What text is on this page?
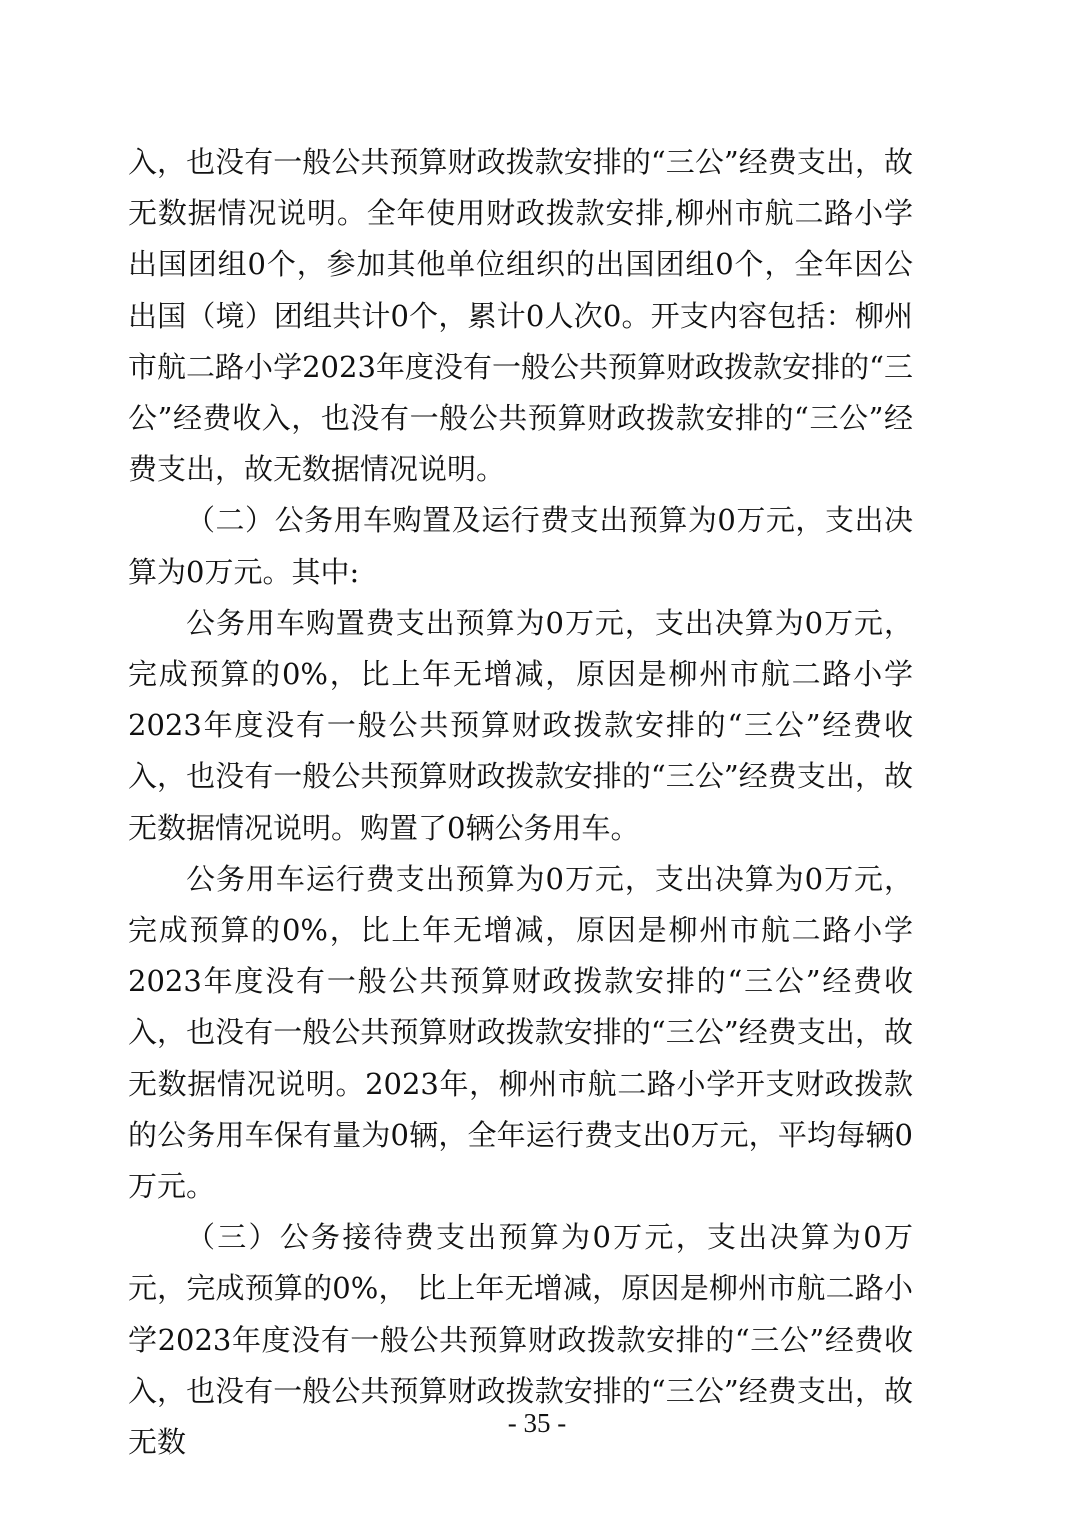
入，也没有一般公共预算财政拨款安排的“三公”经费支出，故无数据情况说明。全年使用财政拨款安排,柳州市航二路小学出国团组0个，参加其他单位组织的出国团组0个，全年因公出国（境）团组共计0个，累计0人次0。开支内容包括：柳州市航二路小学2023年度没有一般公共预算财政拨款安排的“三公”经费收入，也没有一般公共预算财政拨款安排的“三公”经费支出，故无数据情况说明。

（二）公务用车购置及运行费支出预算为0万元，支出决算为0万元。其中:

公务用车购置费支出预算为0万元，支出决算为0万元，完成预算的0%，比上年无增减，原因是柳州市航二路小学2023年度没有一般公共预算财政拨款安排的“三公”经费收入，也没有一般公共预算财政拨款安排的“三公”经费支出，故无数据情况说明。购置了0辆公务用车。

公务用车运行费支出预算为0万元，支出决算为0万元，完成预算的0%，比上年无增减，原因是柳州市航二路小学2023年度没有一般公共预算财政拨款安排的“三公”经费收入，也没有一般公共预算财政拨款安排的“三公”经费支出，故无数据情况说明。2023年，柳州市航二路小学开支财政拨款的公务用车保有量为0辆，全年运行费支出0万元，平均每辆0万元。

（三）公务接待费支出预算为0万元，支出决算为0万元，完成预算的0%， 比上年无增减，原因是柳州市航二路小学2023年度没有一般公共预算财政拨款安排的“三公”经费收入，也没有一般公共预算财政拨款安排的“三公”经费支出，故无数

- 35 -
